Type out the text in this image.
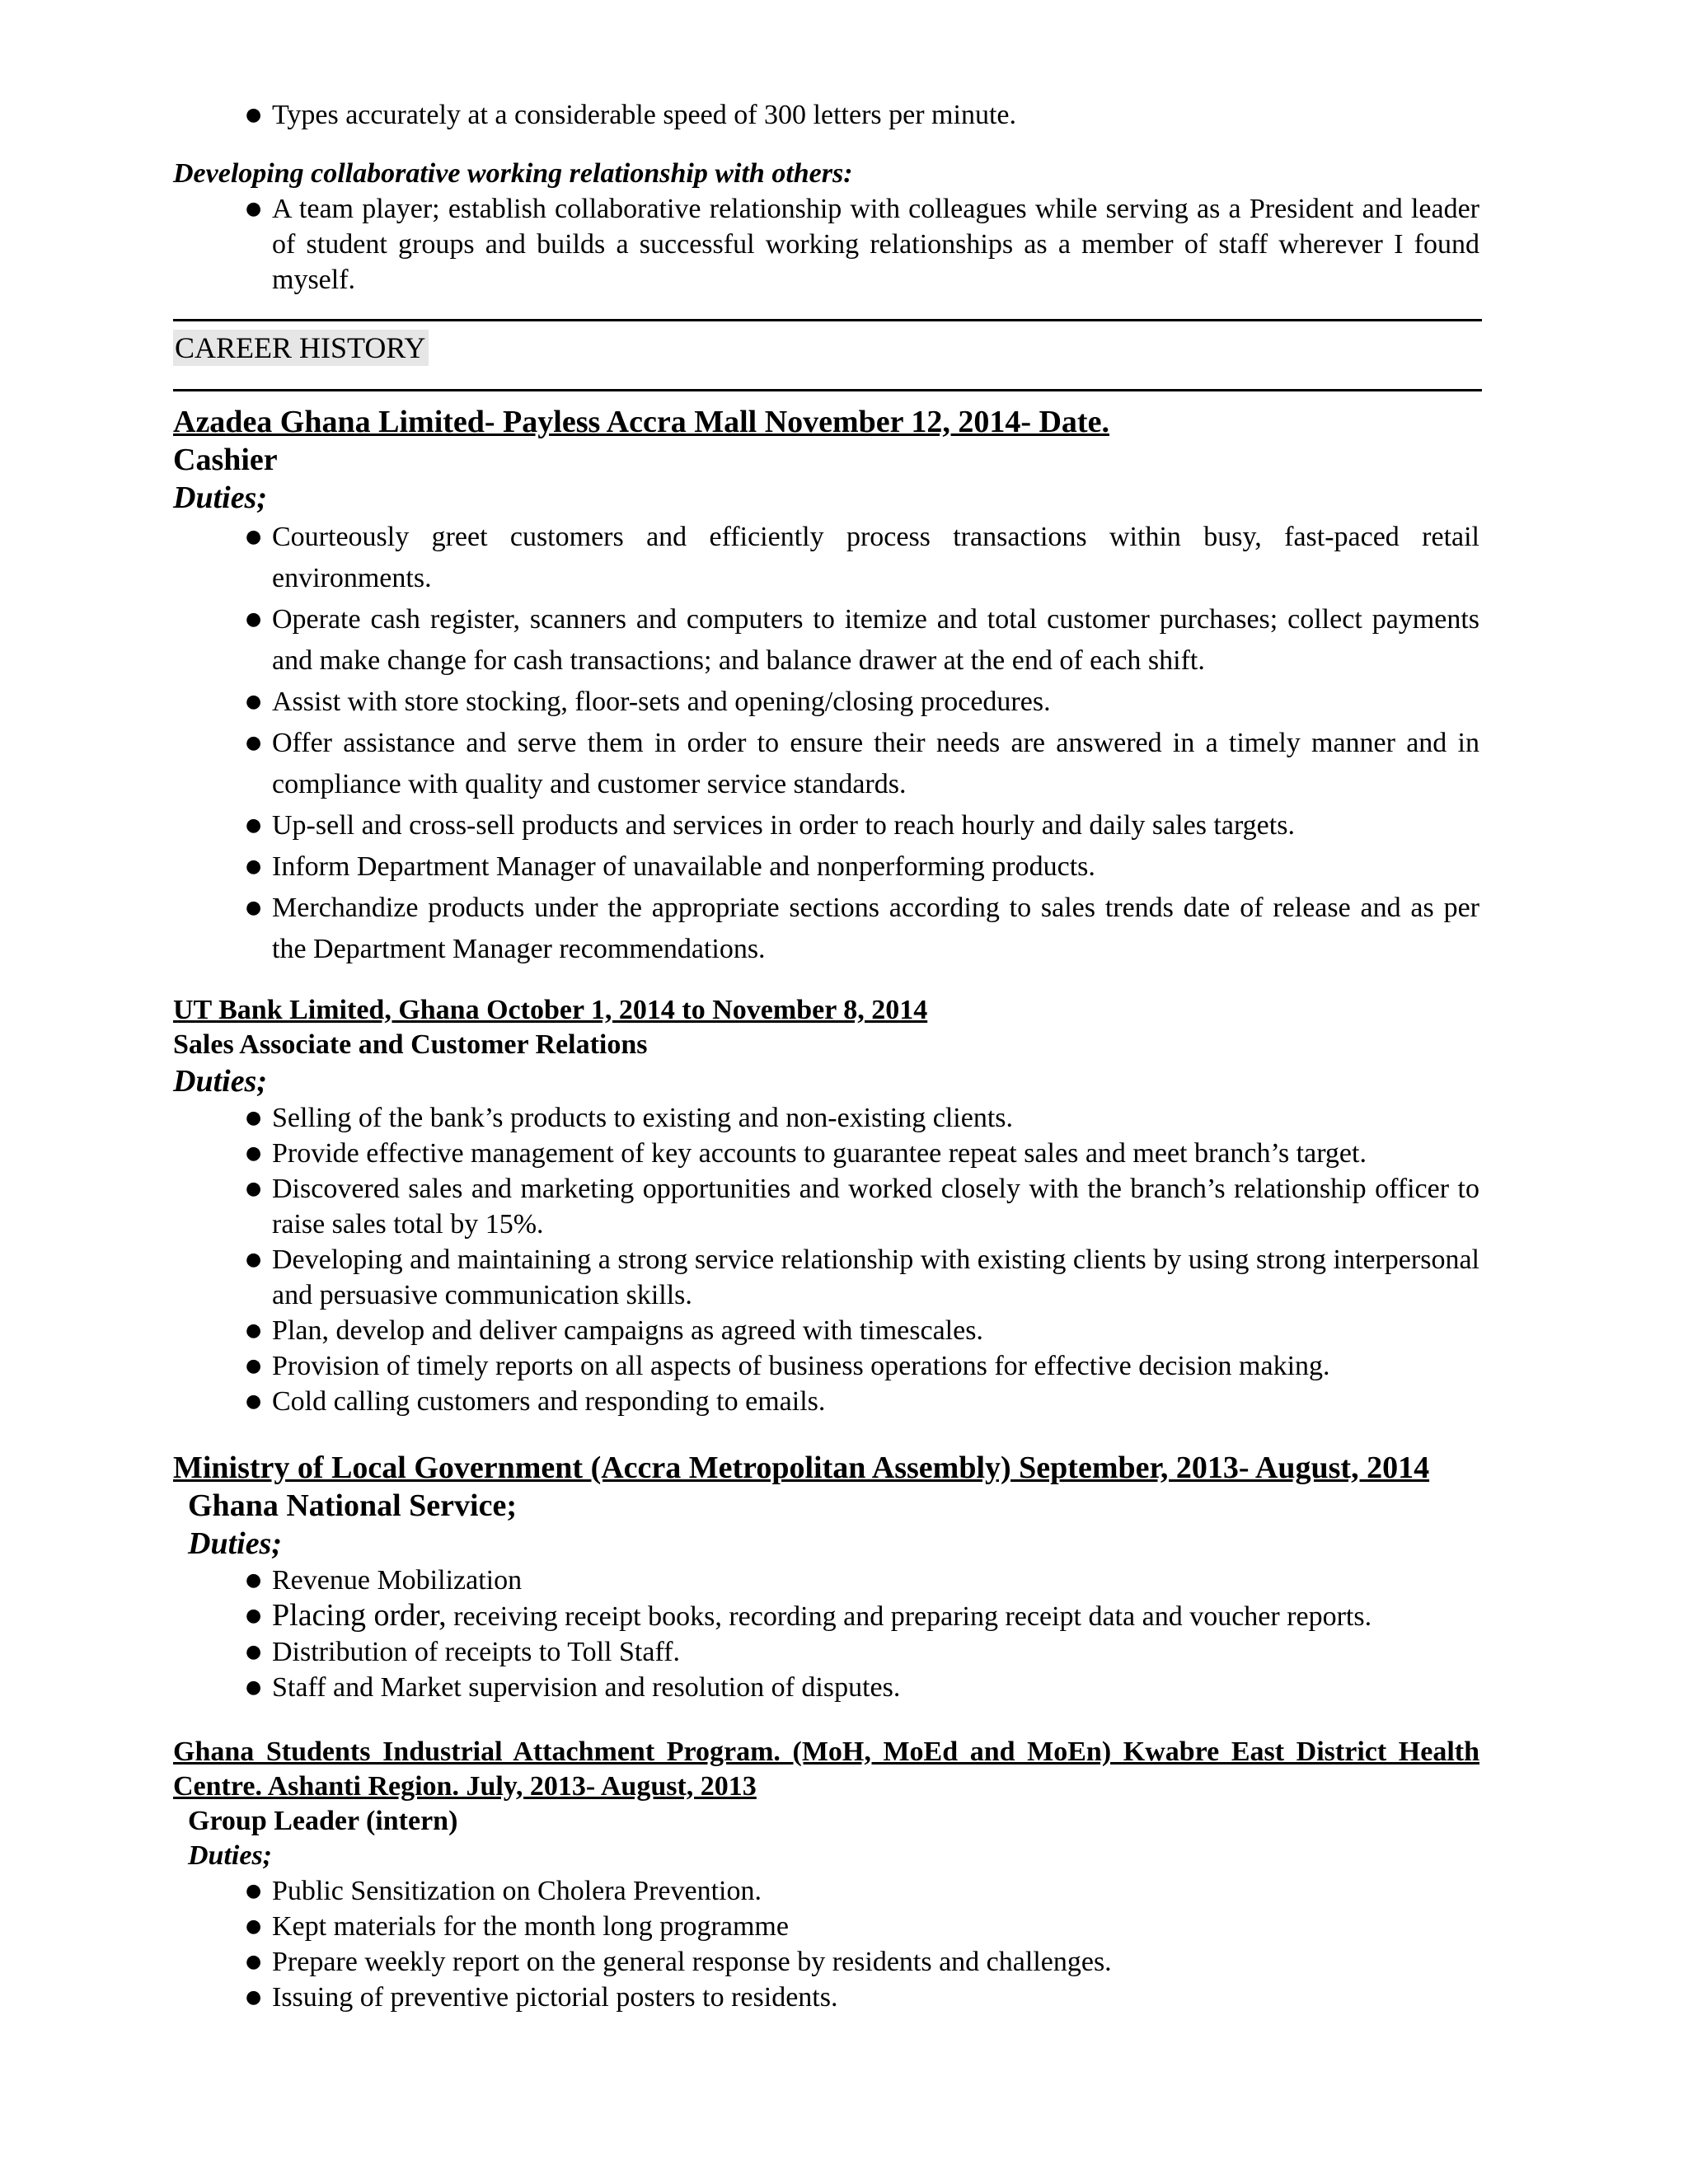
● Types accurately at a considerable speed of 300 letters per minute.
Developing collaborative working relationship with others:
● A team player; establish collaborative relationship with colleagues while serving as a President and leader of student groups and builds a successful working relationships as a member of staff wherever I found myself.
CAREER HISTORY
Azadea Ghana Limited- Payless Accra Mall November 12, 2014- Date.
Cashier
Duties;
● Courteously greet customers and efficiently process transactions within busy, fast-paced retail environments.
● Operate cash register, scanners and computers to itemize and total customer purchases; collect payments and make change for cash transactions; and balance drawer at the end of each shift.
● Assist with store stocking, floor-sets and opening/closing procedures.
● Offer assistance and serve them in order to ensure their needs are answered in a timely manner and in compliance with quality and customer service standards.
● Up-sell and cross-sell products and services in order to reach hourly and daily sales targets.
● Inform Department Manager of unavailable and nonperforming products.
● Merchandize products under the appropriate sections according to sales trends date of release and as per the Department Manager recommendations.
UT Bank Limited, Ghana October 1, 2014 to November 8, 2014
Sales Associate and Customer Relations
Duties;
● Selling of the bank’s products to existing and non-existing clients.
● Provide effective management of key accounts to guarantee repeat sales and meet branch’s target.
● Discovered sales and marketing opportunities and worked closely with the branch’s relationship officer to raise sales total by 15%.
● Developing and maintaining a strong service relationship with existing clients by using strong interpersonal and persuasive communication skills.
● Plan, develop and deliver campaigns as agreed with timescales.
● Provision of timely reports on all aspects of business operations for effective decision making.
● Cold calling customers and responding to emails.
Ministry of Local Government (Accra Metropolitan Assembly) September, 2013- August, 2014
Ghana National Service;
Duties;
● Revenue Mobilization
● Placing order, receiving receipt books, recording and preparing receipt data and voucher reports.
● Distribution of receipts to Toll Staff.
● Staff and Market supervision and resolution of disputes.
Ghana Students Industrial Attachment Program. (MoH, MoEd and MoEn) Kwabre East District Health Centre. Ashanti Region. July, 2013- August, 2013
Group Leader (intern)
Duties;
● Public Sensitization on Cholera Prevention.
● Kept materials for the month long programme
● Prepare weekly report on the general response by residents and challenges.
● Issuing of preventive pictorial posters to residents.
